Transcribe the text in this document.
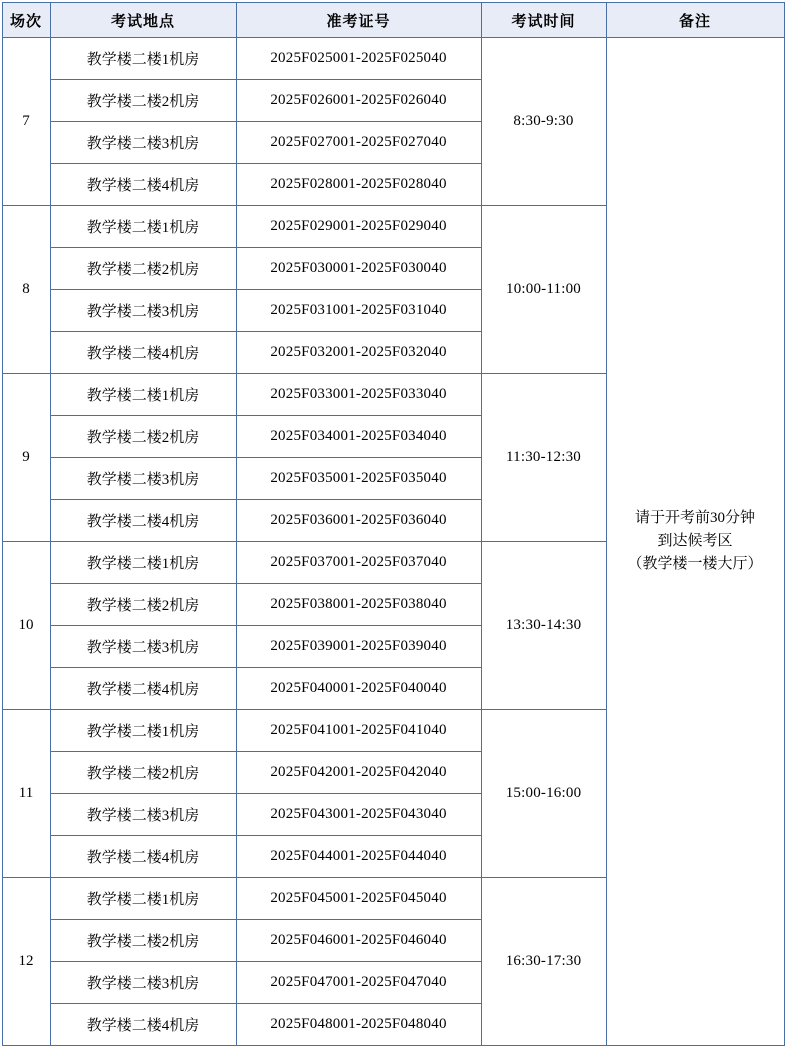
场次	考试地点	准考证号	考试时间	备注
7	教学楼二楼1机房	2025F025001-2025F025040	8:30-9:30	请于开考前30分钟
到达候考区
（教学楼一楼大厅）

	教学楼二楼2机房	2025F026001-2025F026040		
	教学楼二楼3机房	2025F027001-2025F027040		
	教学楼二楼4机房	2025F028001-2025F028040		
8	教学楼二楼1机房	2025F029001-2025F029040	10:00-11:00	
	教学楼二楼2机房	2025F030001-2025F030040		
	教学楼二楼3机房	2025F031001-2025F031040		
	教学楼二楼4机房	2025F032001-2025F032040		
9	教学楼二楼1机房	2025F033001-2025F033040	11:30-12:30	
	教学楼二楼2机房	2025F034001-2025F034040		
	教学楼二楼3机房	2025F035001-2025F035040		
	教学楼二楼4机房	2025F036001-2025F036040		
10	教学楼二楼1机房	2025F037001-2025F037040	13:30-14:30	
	教学楼二楼2机房	2025F038001-2025F038040		
	教学楼二楼3机房	2025F039001-2025F039040		
	教学楼二楼4机房	2025F040001-2025F040040		
11	教学楼二楼1机房	2025F041001-2025F041040	15:00-16:00	
	教学楼二楼2机房	2025F042001-2025F042040		
	教学楼二楼3机房	2025F043001-2025F043040		
	教学楼二楼4机房	2025F044001-2025F044040		
12	教学楼二楼1机房	2025F045001-2025F045040	16:30-17:30	
	教学楼二楼2机房	2025F046001-2025F046040		
	教学楼二楼3机房	2025F047001-2025F047040		
	教学楼二楼4机房	2025F048001-2025F048040		
